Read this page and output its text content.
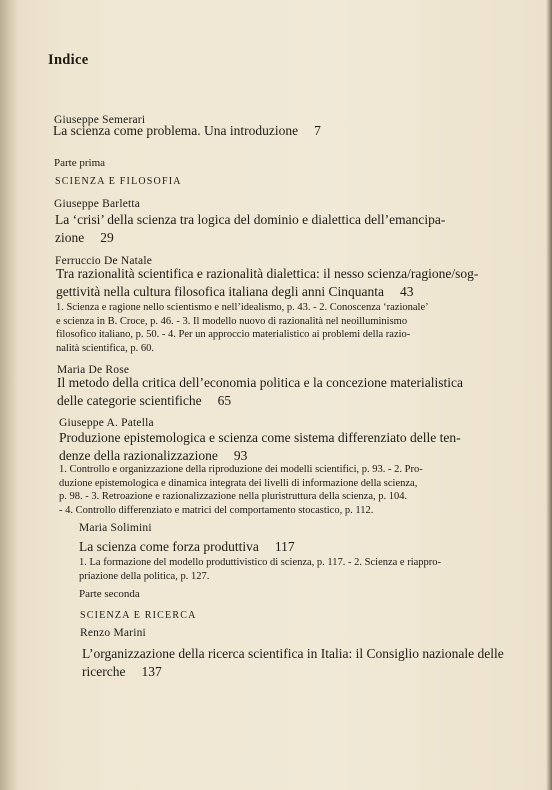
Indice
Giuseppe Semerari
La scienza come problema. Una introduzione 7
Parte prima
SCIENZA E FILOSOFIA
Giuseppe Barletta
La ‘crisi’ della scienza tra logica del dominio e dialettica dell’emancipa-
zione 29
Ferruccio De Natale
Tra razionalità scientifica e razionalità dialettica: il nesso scienza/ragione/sog-
gettività nella cultura filosofica italiana degli anni Cinquanta 43
1. Scienza e ragione nello scientismo e nell’idealismo, p. 43. - 2. Conoscenza ‘razionale’
e scienza in B. Croce, p. 46. - 3. Il modello nuovo di razionalità nel neoilluminismo
filosofico italiano, p. 50. - 4. Per un approccio materialistico ai problemi della razio-
nalità scientifica, p. 60.
Maria De Rose
Il metodo della critica dell’economia politica e la concezione materialistica
delle categorie scientifiche 65
Giuseppe A. Patella
Produzione epistemologica e scienza come sistema differenziato delle ten-
denze della razionalizzazione 93
1. Controllo e organizzazione della riproduzione dei modelli scientifici, p. 93. - 2. Pro-
duzione epistemologica e dinamica integrata dei livelli di informazione della scienza,
p. 98. - 3. Retroazione e razionalizzazione nella pluristruttura della scienza, p. 104.
- 4. Controllo differenziato e matrici del comportamento stocastico, p. 112.
Maria Solimini
La scienza come forza produttiva 117
1. La formazione del modello produttivistico di scienza, p. 117. - 2. Scienza e riappro-
priazione della politica, p. 127.
Parte seconda
SCIENZA E RICERCA
Renzo Marini
L’organizzazione della ricerca scientifica in Italia: il Consiglio nazionale delle
ricerche 137
